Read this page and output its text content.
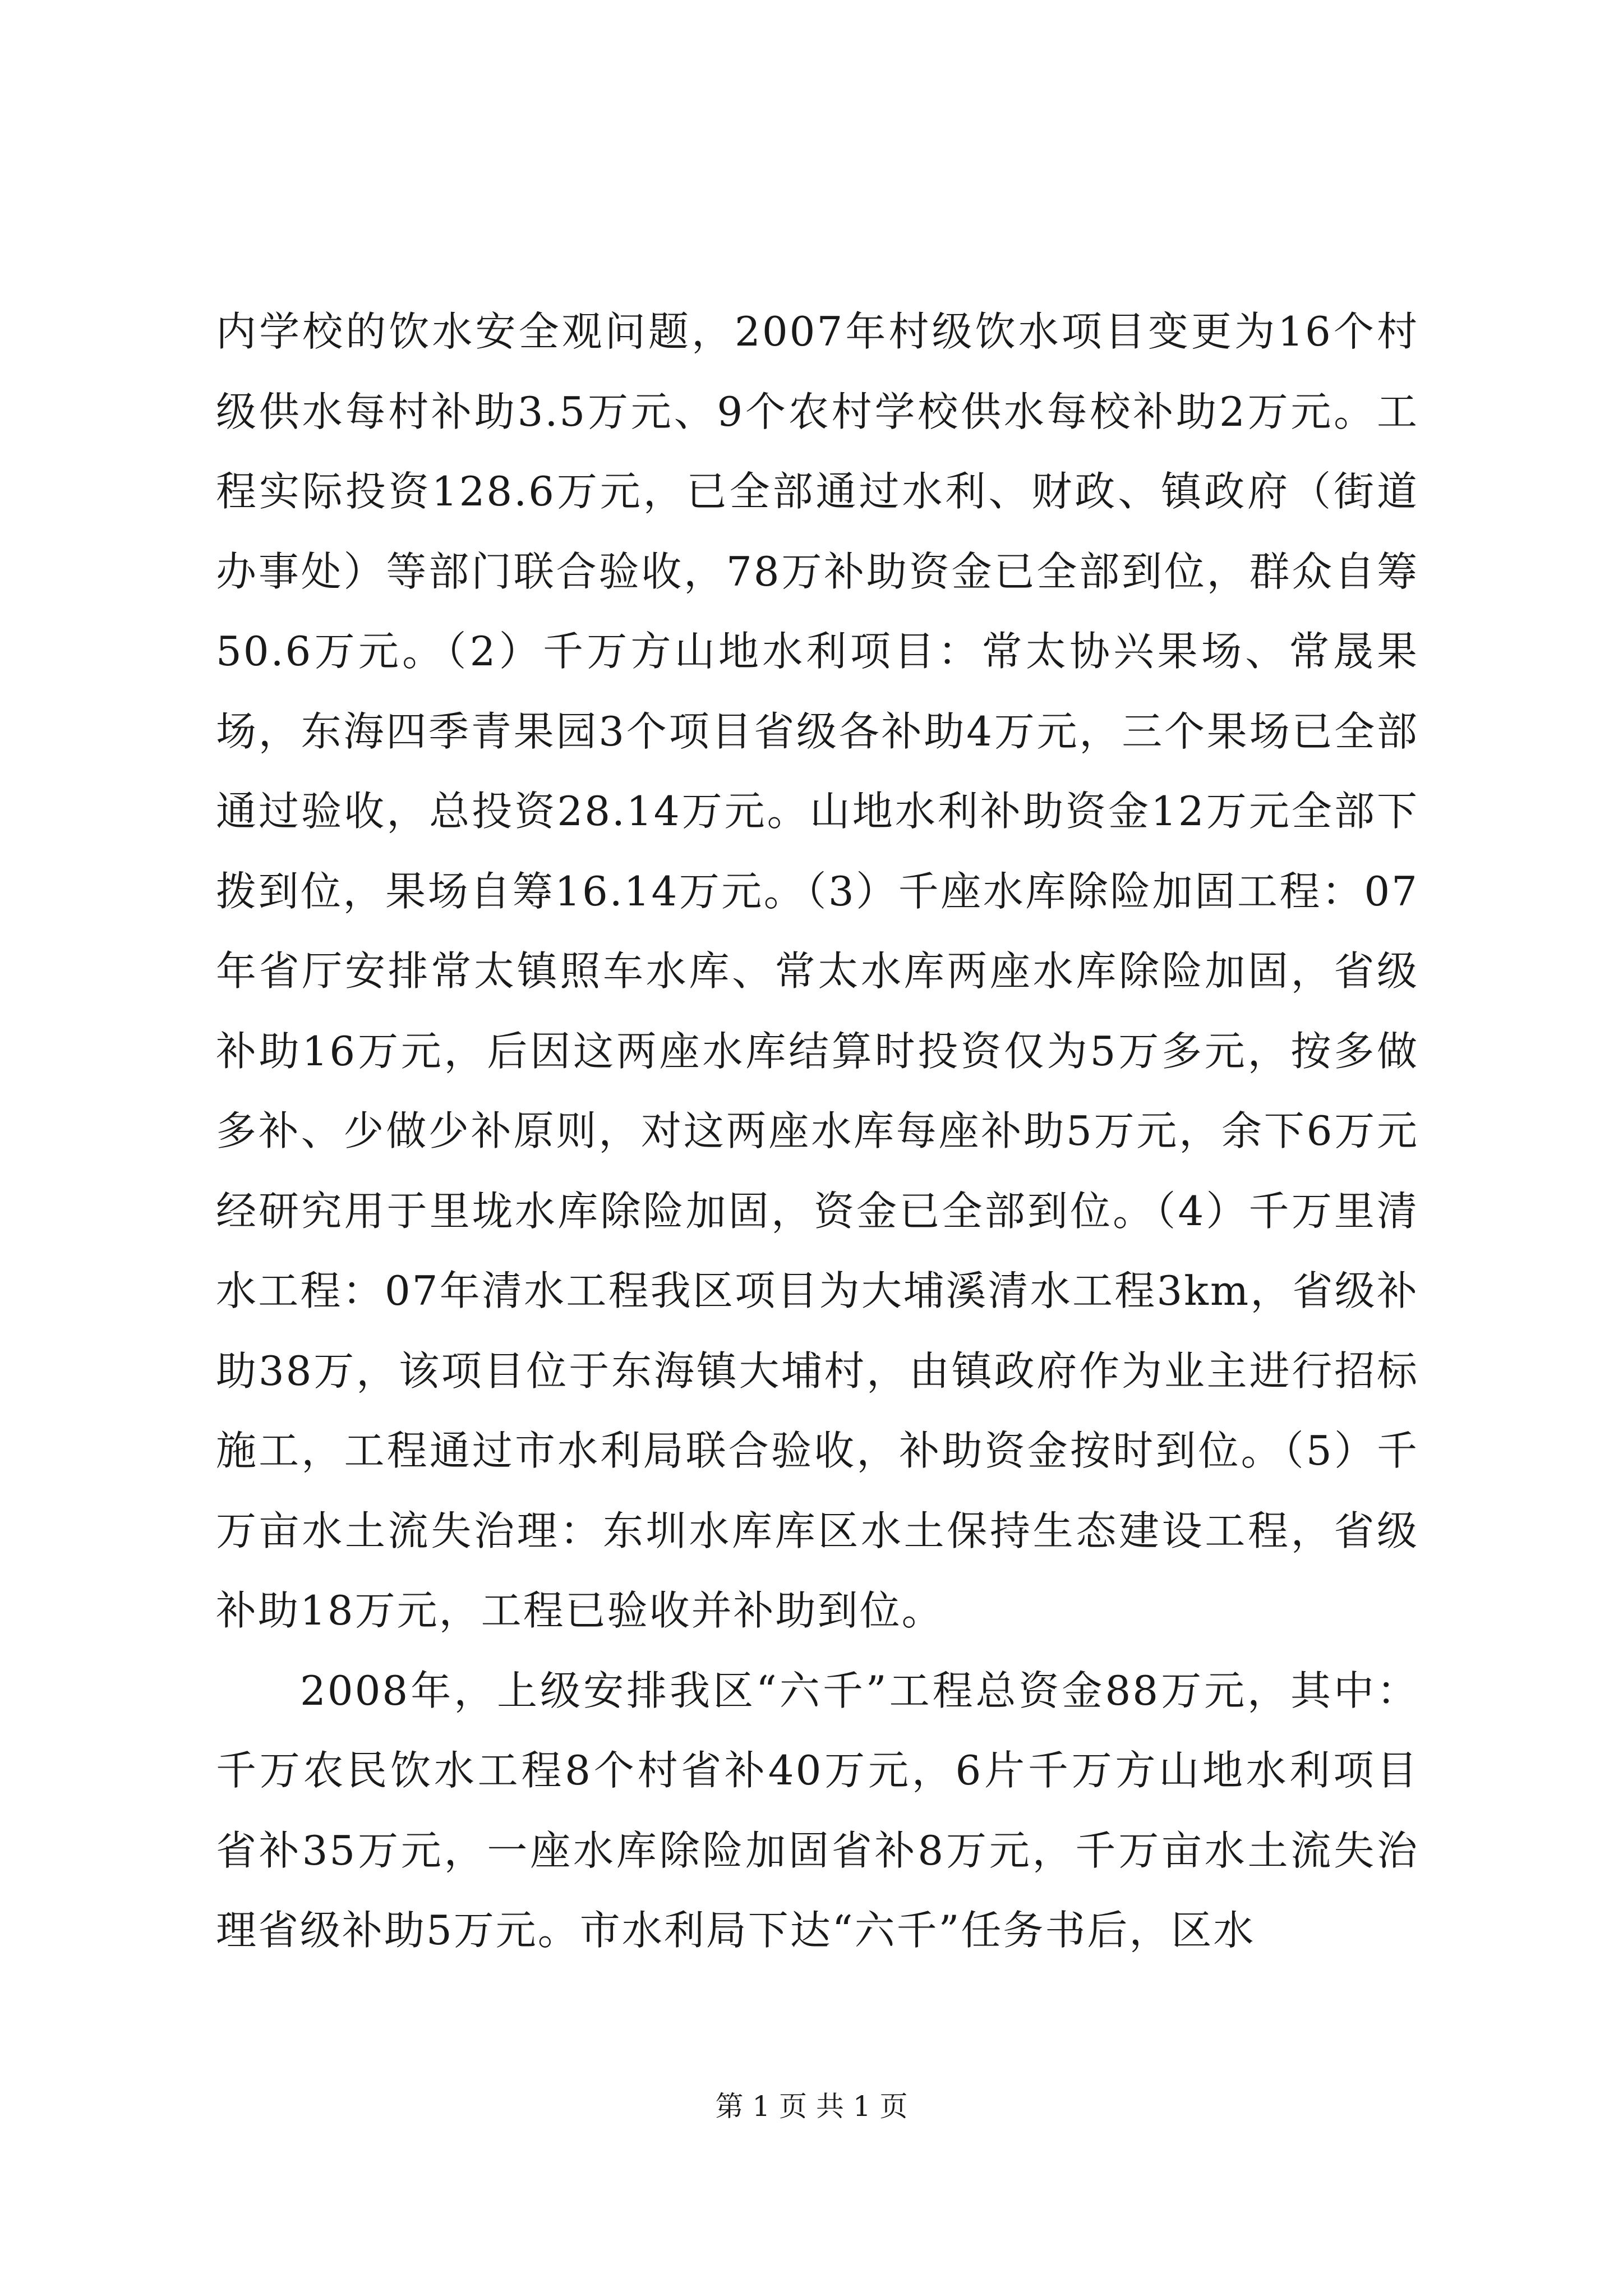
内学校的饮水安全观问题，2007年村级饮水项目变更为16个村级供水每村补助3.5万元、9个农村学校供水每校补助2万元。工程实际投资128.6万元，已全部通过水利、财政、镇政府（街道办事处）等部门联合验收，78万补助资金已全部到位，群众自筹50.6万元。（2）千万方山地水利项目：常太协兴果场、常晟果场，东海四季青果园3个项目省级各补助4万元，三个果场已全部通过验收，总投资28.14万元。山地水利补助资金12万元全部下拨到位，果场自筹16.14万元。（3）千座水库除险加固工程：07年省厅安排常太镇照车水库、常太水库两座水库除险加固，省级补助16万元，后因这两座水库结算时投资仅为5万多元，按多做多补、少做少补原则，对这两座水库每座补助5万元，余下6万元经研究用于里垅水库除险加固，资金已全部到位。（4）千万里清水工程：07年清水工程我区项目为大埔溪清水工程3km，省级补助38万，该项目位于东海镇大埔村，由镇政府作为业主进行招标施工，工程通过市水利局联合验收，补助资金按时到位。（5）千万亩水土流失治理：东圳水库库区水土保持生态建设工程，省级补助18万元，工程已验收并补助到位。

2008年，上级安排我区“六千”工程总资金88万元，其中：千万农民饮水工程8个村省补40万元，6片千万方山地水利项目省补35万元，一座水库除险加固省补8万元，千万亩水土流失治理省级补助5万元。市水利局下达“六千”任务书后，区水

第 1 页 共 1 页
